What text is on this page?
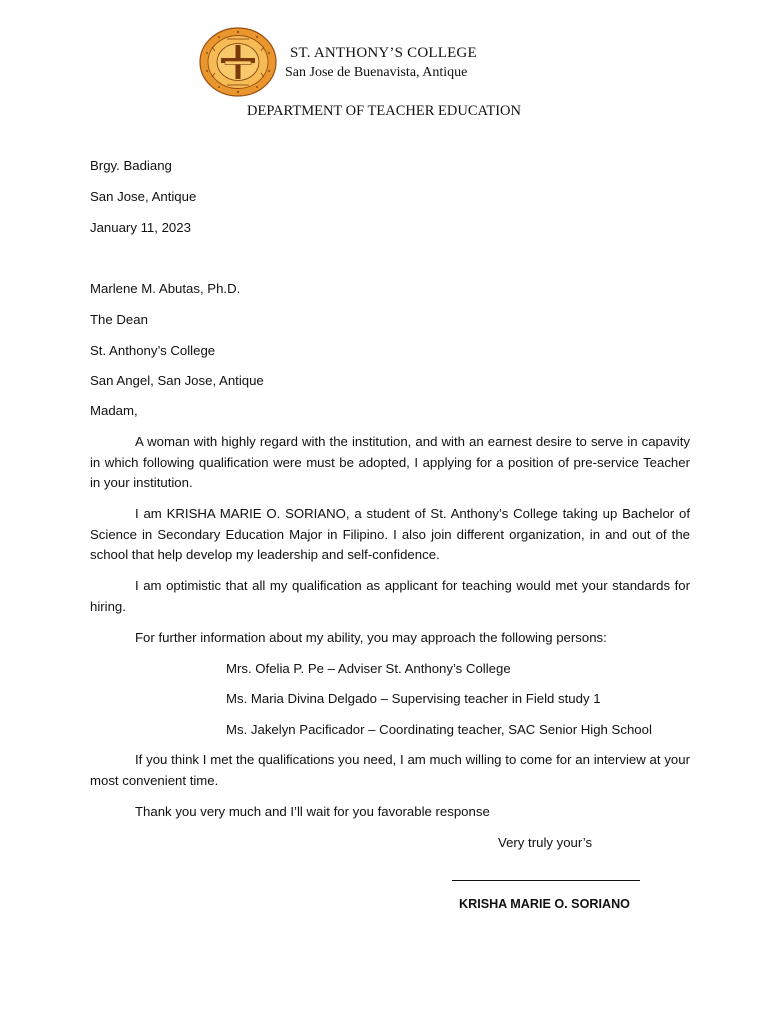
ST. ANTHONY’S COLLEGE
San Jose de Buenavista, Antique
DEPARTMENT OF TEACHER EDUCATION
Brgy. Badiang
San Jose, Antique
January 11, 2023
Marlene M. Abutas, Ph.D.
The Dean
St. Anthony’s College
San Angel, San Jose, Antique
Madam,
A woman with highly regard with the institution, and with an earnest desire to serve in capavity in which following qualification were must be adopted, I applying for a position of pre-service Teacher in your institution.
I am KRISHA MARIE O. SORIANO, a student of St. Anthony’s College taking up Bachelor of Science in Secondary Education Major in Filipino. I also join different organization, in and out of the school that help develop my leadership and self-confidence.
I am optimistic that all my qualification as applicant for teaching would met your standards for hiring.
For further information about my ability, you may approach the following persons:
Mrs. Ofelia P. Pe – Adviser St. Anthony’s College
Ms. Maria Divina Delgado – Supervising teacher in Field study 1
Ms. Jakelyn Pacificador – Coordinating teacher, SAC Senior High School
If you think I met the qualifications you need, I am much willing to come for an interview at your most convenient time.
Thank you very much and I’ll wait for you favorable response
Very truly your’s
KRISHA MARIE O. SORIANO
